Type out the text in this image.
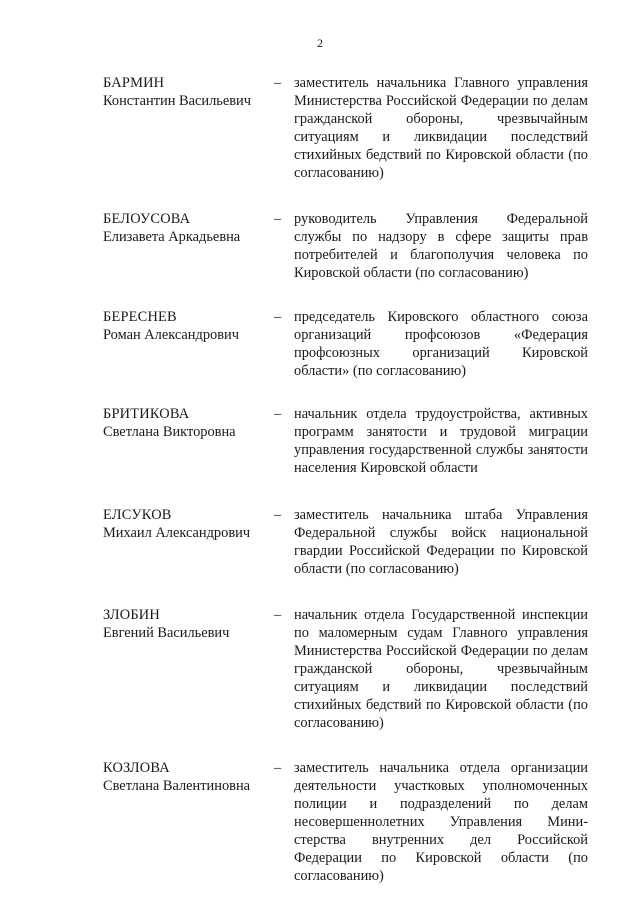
2
БАРМИН
Константин Васильевич
– заместитель начальника Главного управления Министерства Российской Федерации по делам гражданской обороны, чрезвычайным ситуациям и ликвидации последствий стихийных бедствий по Кировской области (по согласованию)
БЕЛОУСОВА
Елизавета Аркадьевна
– руководитель Управления Федеральной службы по надзору в сфере защиты прав потребителей и благополучия человека по Кировской области (по согласованию)
БЕРЕСНЕВ
Роман Александрович
– председатель Кировского областного союза организаций профсоюзов «Федерация профсоюзных организаций Кировской области» (по согласованию)
БРИТИКОВА
Светлана Викторовна
– начальник отдела трудоустройства, активных программ занятости и трудовой миграции управления государственной службы занятости населения Кировской области
ЕЛСУКОВ
Михаил Александрович
– заместитель начальника штаба Управления Федеральной службы войск национальной гвардии Российской Федерации по Кировской области (по согласованию)
ЗЛОБИН
Евгений Васильевич
– начальник отдела Государственной инспекции по маломерным судам Главного управления Министерства Российской Федерации по делам гражданской обороны, чрезвычайным ситуациям и ликвидации последствий стихийных бедствий по Кировской области (по согласованию)
КОЗЛОВА
Светлана Валентиновна
– заместитель начальника отдела организации деятельности участковых уполномоченных полиции и подразделений по делам несовершеннолетних Управления Мини-стерства внутренних дел Российской Федерации по Кировской области (по согласованию)
